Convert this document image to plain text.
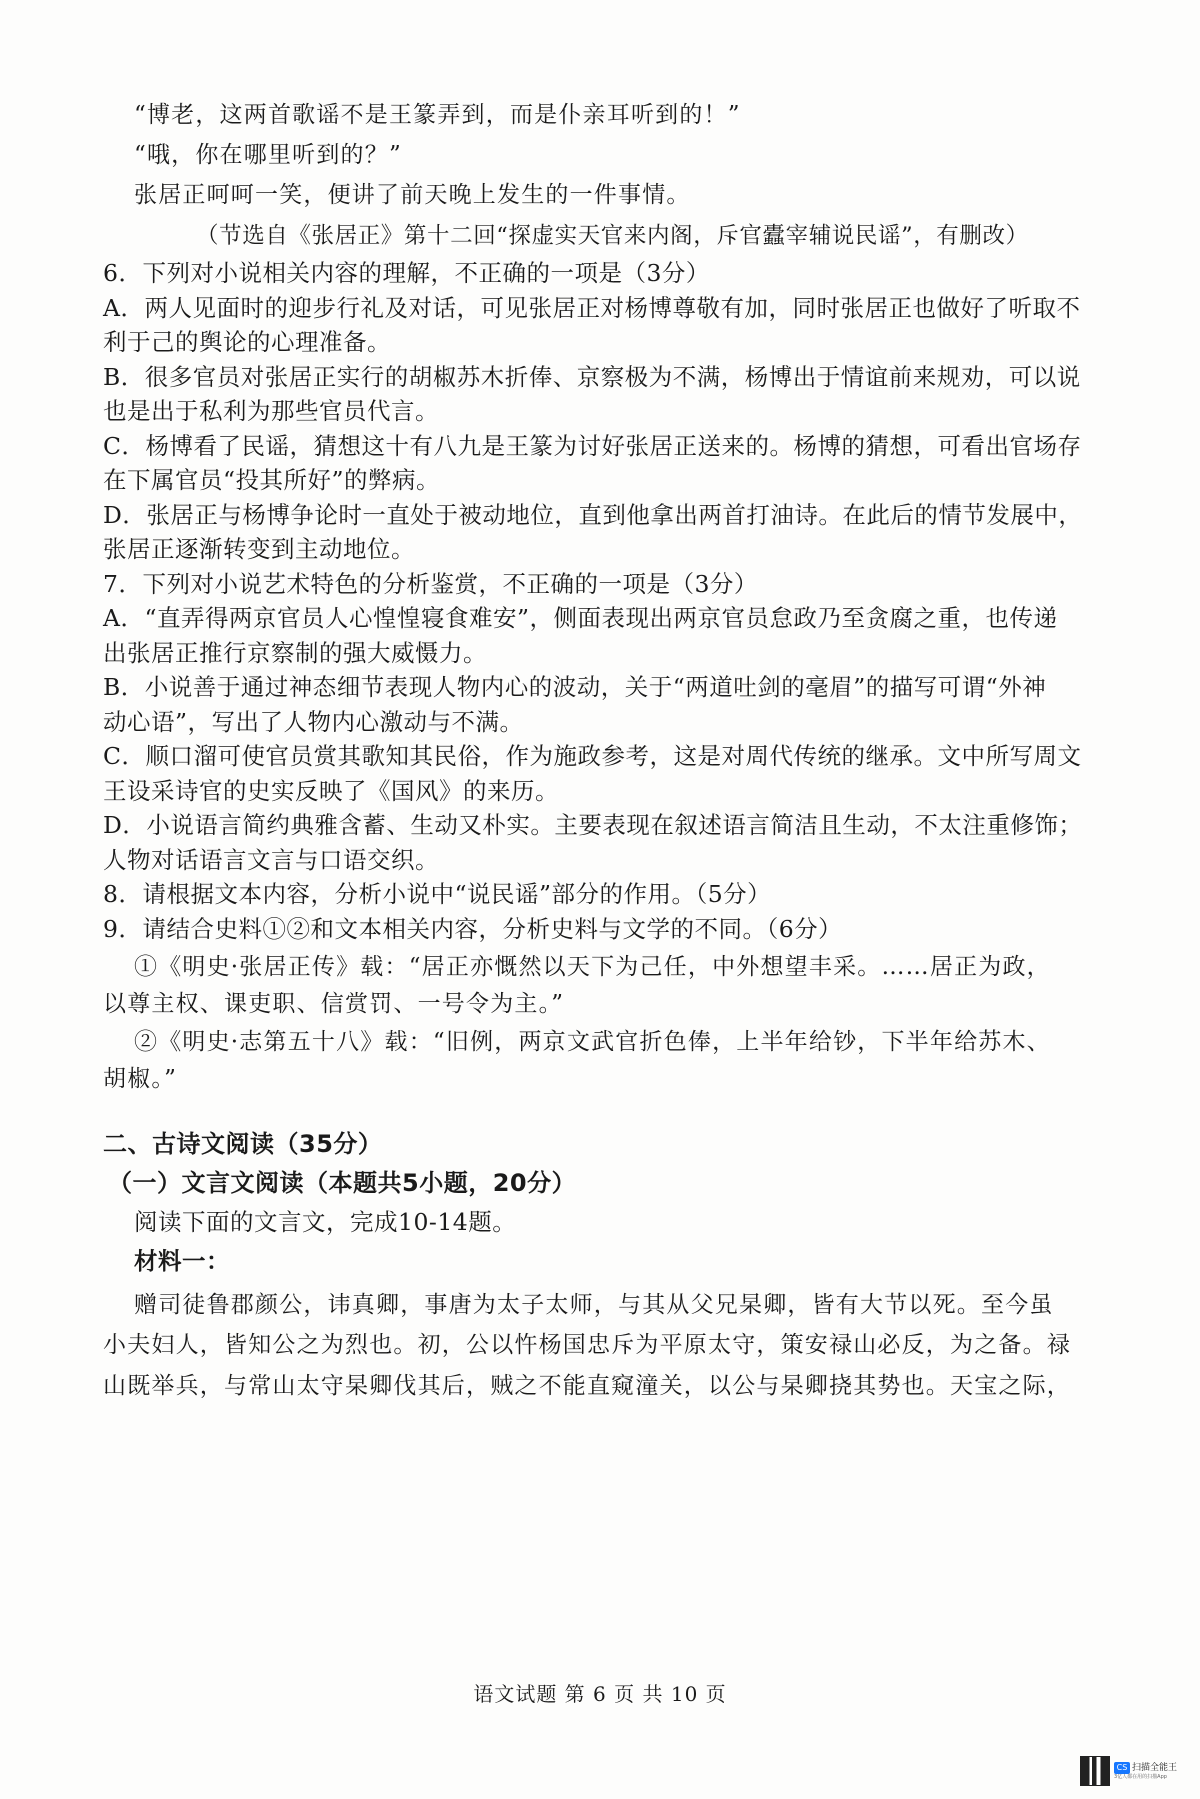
“博老，这两首歌谣不是王篆弄到，而是仆亲耳听到的！”

“哦，你在哪里听到的？”

张居正呵呵一笑，便讲了前天晚上发生的一件事情。

（节选自《张居正》第十二回“探虚实天官来内阁，斥官蠹宰辅说民谣”，有删改）

6．下列对小说相关内容的理解，不正确的一项是（3分）

A．两人见面时的迎步行礼及对话，可见张居正对杨博尊敬有加，同时张居正也做好了听取不

利于己的舆论的心理准备。

B．很多官员对张居正实行的胡椒苏木折俸、京察极为不满，杨博出于情谊前来规劝，可以说

也是出于私利为那些官员代言。

C．杨博看了民谣，猜想这十有八九是王篆为讨好张居正送来的。杨博的猜想，可看出官场存

在下属官员“投其所好”的弊病。

D．张居正与杨博争论时一直处于被动地位，直到他拿出两首打油诗。在此后的情节发展中，

张居正逐渐转变到主动地位。

7．下列对小说艺术特色的分析鉴赏，不正确的一项是（3分）

A．“直弄得两京官员人心惶惶寝食难安”，侧面表现出两京官员怠政乃至贪腐之重，也传递

出张居正推行京察制的强大威慑力。

B．小说善于通过神态细节表现人物内心的波动，关于“两道吐剑的毫眉”的描写可谓“外神

动心语”，写出了人物内心激动与不满。

C．顺口溜可使官员赏其歌知其民俗，作为施政参考，这是对周代传统的继承。文中所写周文

王设采诗官的史实反映了《国风》的来历。

D．小说语言简约典雅含蓄、生动又朴实。主要表现在叙述语言简洁且生动，不太注重修饰；

人物对话语言文言与口语交织。

8．请根据文本内容，分析小说中“说民谣”部分的作用。（5分）

9．请结合史料①②和文本相关内容，分析史料与文学的不同。（6分）

①《明史·张居正传》载：“居正亦慨然以天下为己任，中外想望丰采。……居正为政，

以尊主权、课吏职、信赏罚、一号令为主。”

②《明史·志第五十八》载：“旧例，两京文武官折色俸，上半年给钞，下半年给苏木、

胡椒。”

二、古诗文阅读（35分）

（一）文言文阅读（本题共5小题，20分）

阅读下面的文言文，完成10-14题。

材料一：

赠司徒鲁郡颜公，讳真卿，事唐为太子太师，与其从父兄杲卿，皆有大节以死。至今虽

小夫妇人，皆知公之为烈也。初，公以忤杨国忠斥为平原太守，策安禄山必反，为之备。禄

山既举兵，与常山太守杲卿伐其后，贼之不能直窥潼关，以公与杲卿挠其势也。天宝之际，

语文试题 第 6 页 共 10 页
CS 扫描全能王
3亿人都在用的扫描App
